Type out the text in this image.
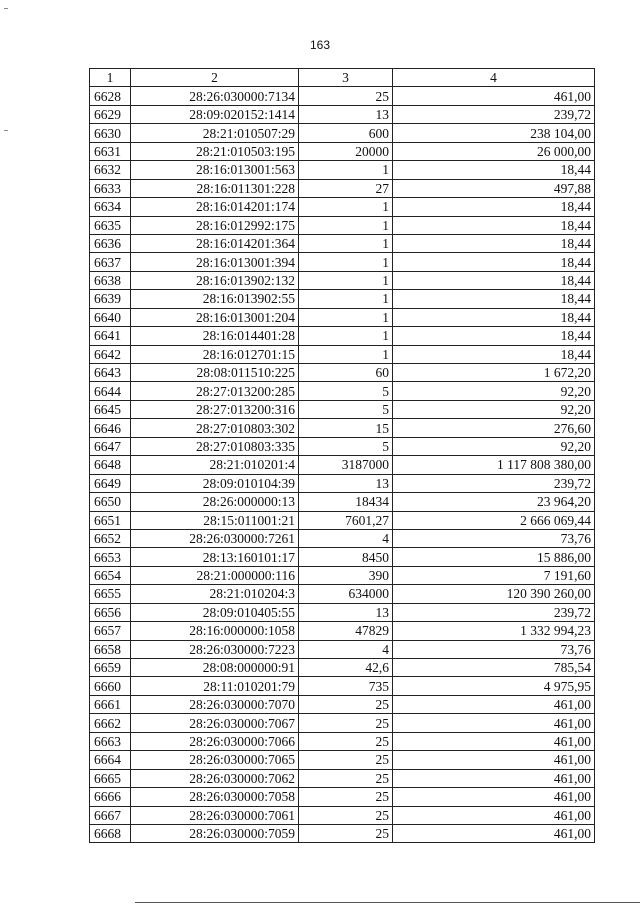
163
1	2	3	4
6628	28:26:030000:7134	25	461,00
6629	28:09:020152:1414	13	239,72
6630	28:21:010507:29	600	238 104,00
6631	28:21:010503:195	20000	26 000,00
6632	28:16:013001:563	1	18,44
6633	28:16:011301:228	27	497,88
6634	28:16:014201:174	1	18,44
6635	28:16:012992:175	1	18,44
6636	28:16:014201:364	1	18,44
6637	28:16:013001:394	1	18,44
6638	28:16:013902:132	1	18,44
6639	28:16:013902:55	1	18,44
6640	28:16:013001:204	1	18,44
6641	28:16:014401:28	1	18,44
6642	28:16:012701:15	1	18,44
6643	28:08:011510:225	60	1 672,20
6644	28:27:013200:285	5	92,20
6645	28:27:013200:316	5	92,20
6646	28:27:010803:302	15	276,60
6647	28:27:010803:335	5	92,20
6648	28:21:010201:4	3187000	1 117 808 380,00
6649	28:09:010104:39	13	239,72
6650	28:26:000000:13	18434	23 964,20
6651	28:15:011001:21	7601,27	2 666 069,44
6652	28:26:030000:7261	4	73,76
6653	28:13:160101:17	8450	15 886,00
6654	28:21:000000:116	390	7 191,60
6655	28:21:010204:3	634000	120 390 260,00
6656	28:09:010405:55	13	239,72
6657	28:16:000000:1058	47829	1 332 994,23
6658	28:26:030000:7223	4	73,76
6659	28:08:000000:91	42,6	785,54
6660	28:11:010201:79	735	4 975,95
6661	28:26:030000:7070	25	461,00
6662	28:26:030000:7067	25	461,00
6663	28:26:030000:7066	25	461,00
6664	28:26:030000:7065	25	461,00
6665	28:26:030000:7062	25	461,00
6666	28:26:030000:7058	25	461,00
6667	28:26:030000:7061	25	461,00
6668	28:26:030000:7059	25	461,00
